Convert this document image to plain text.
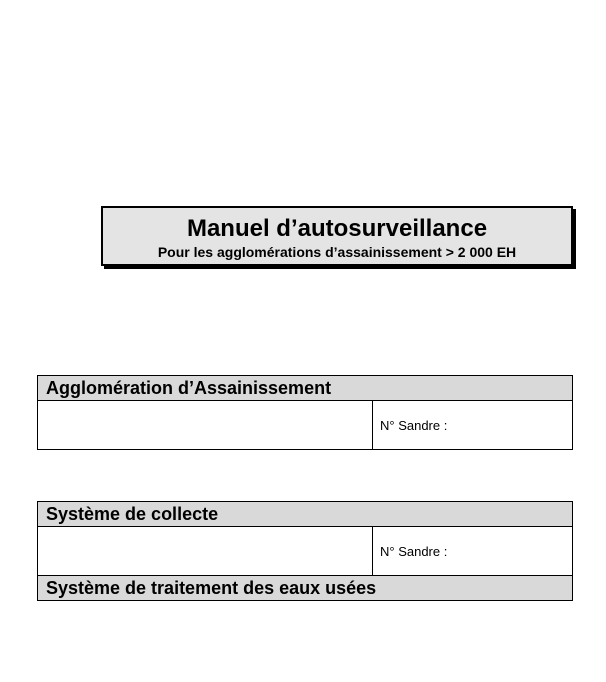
Manuel d’autosurveillance
Pour les agglomérations d’assainissement > 2 000 EH
Agglomération d’Assainissement
N° Sandre :
Système de collecte
N° Sandre :
Système de traitement des eaux usées
